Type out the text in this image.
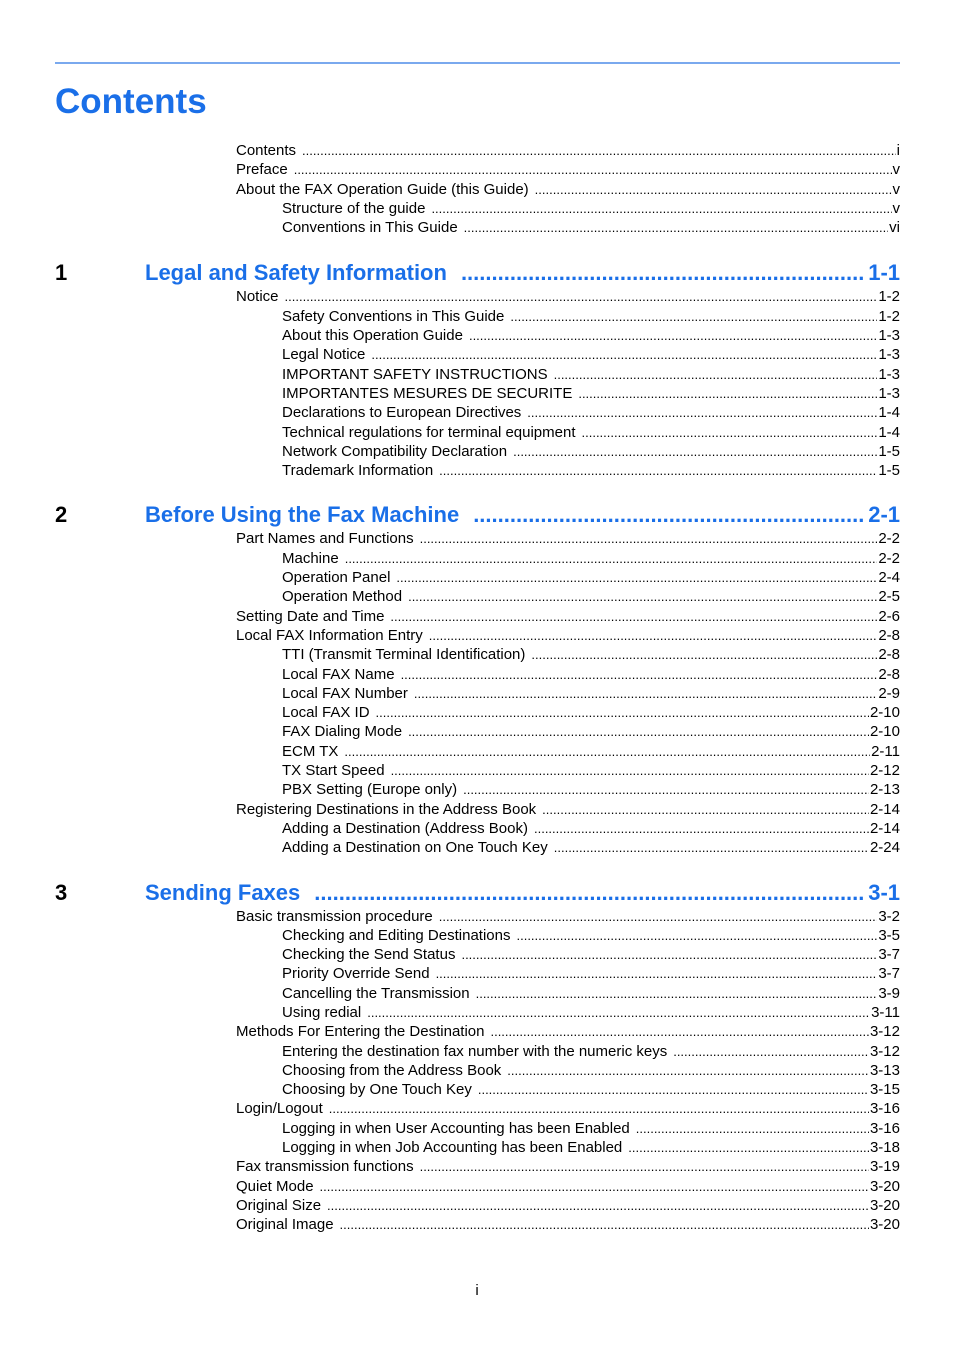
Contents
Contents .....	i
Preface .....	v
About the FAX Operation Guide (this Guide) .....	v
Structure of the guide .....	v
Conventions in This Guide .....	vi
1	Legal and Safety Information .....	1-1
Notice .....	1-2
Safety Conventions in This Guide .....	1-2
About this Operation Guide .....	1-3
Legal Notice .....	1-3
IMPORTANT SAFETY INSTRUCTIONS .....	1-3
IMPORTANTES MESURES DE SECURITE .....	1-3
Declarations to European Directives .....	1-4
Technical regulations for terminal equipment .....	1-4
Network Compatibility Declaration .....	1-5
Trademark Information .....	1-5
2	Before Using the Fax Machine .....	2-1
Part Names and Functions .....	2-2
Machine .....	2-2
Operation Panel .....	2-4
Operation Method .....	2-5
Setting Date and Time .....	2-6
Local FAX Information Entry .....	2-8
TTI (Transmit Terminal Identification) .....	2-8
Local FAX Name .....	2-8
Local FAX Number .....	2-9
Local FAX ID .....	2-10
FAX Dialing Mode .....	2-10
ECM TX .....	2-11
TX Start Speed .....	2-12
PBX Setting (Europe only) .....	2-13
Registering Destinations in the Address Book .....	2-14
Adding a Destination (Address Book) .....	2-14
Adding a Destination on One Touch Key .....	2-24
3	Sending Faxes .....	3-1
Basic transmission procedure .....	3-2
Checking and Editing Destinations .....	3-5
Checking the Send Status .....	3-7
Priority Override Send .....	3-7
Cancelling the Transmission .....	3-9
Using redial .....	3-11
Methods For Entering the Destination .....	3-12
Entering the destination fax number with the numeric keys .....	3-12
Choosing from the Address Book .....	3-13
Choosing by One Touch Key .....	3-15
Login/Logout .....	3-16
Logging in when User Accounting has been Enabled .....	3-16
Logging in when Job Accounting has been Enabled .....	3-18
Fax transmission functions .....	3-19
Quiet Mode .....	3-20
Original Size .....	3-20
Original Image .....	3-20
i
